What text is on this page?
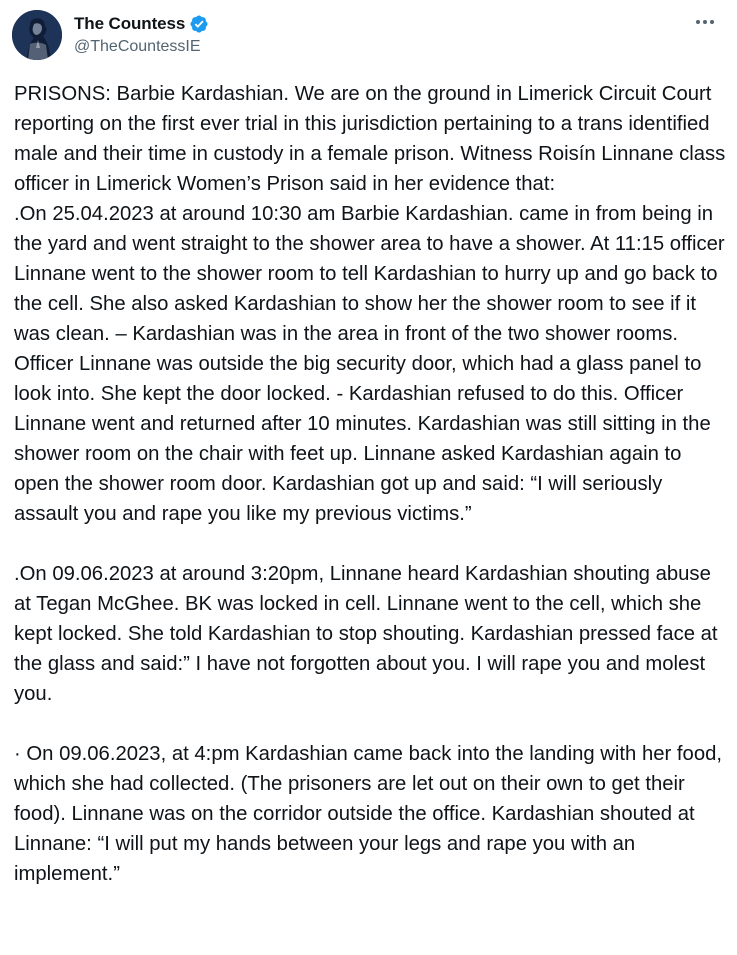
The Countess
@TheCountessIE

PRISONS: Barbie Kardashian. We are on the ground in Limerick Circuit Court reporting on the first ever trial in this jurisdiction pertaining to a trans identified male and their time in custody in a female prison. Witness Roisín Linnane class officer in Limerick Women’s Prison said in her evidence that:
.On 25.04.2023 at around 10:30 am Barbie Kardashian. came in from being in the yard and went straight to the shower area to have a shower. At 11:15 officer Linnane went to the shower room to tell Kardashian to hurry up and go back to the cell. She also asked Kardashian to show her the shower room to see if it was clean. – Kardashian was in the area in front of the two shower rooms. Officer Linnane was outside the big security door, which had a glass panel to look into. She kept the door locked. - Kardashian refused to do this. Officer Linnane went and returned after 10 minutes. Kardashian was still sitting in the shower room on the chair with feet up. Linnane asked Kardashian again to open the shower room door. Kardashian got up and said: “I will seriously assault you and rape you like my previous victims.”

.On 09.06.2023 at around 3:20pm, Linnane heard Kardashian shouting abuse at Tegan McGhee. BK was locked in cell. Linnane went to the cell, which she kept locked. She told Kardashian to stop shouting. Kardashian pressed face at the glass and said:” I have not forgotten about you. I will rape you and molest you.

· On 09.06.2023, at 4:pm Kardashian came back into the landing with her food, which she had collected. (The prisoners are let out on their own to get their food). Linnane was on the corridor outside the office. Kardashian shouted at Linnane: “I will put my hands between your legs and rape you with an implement.”
